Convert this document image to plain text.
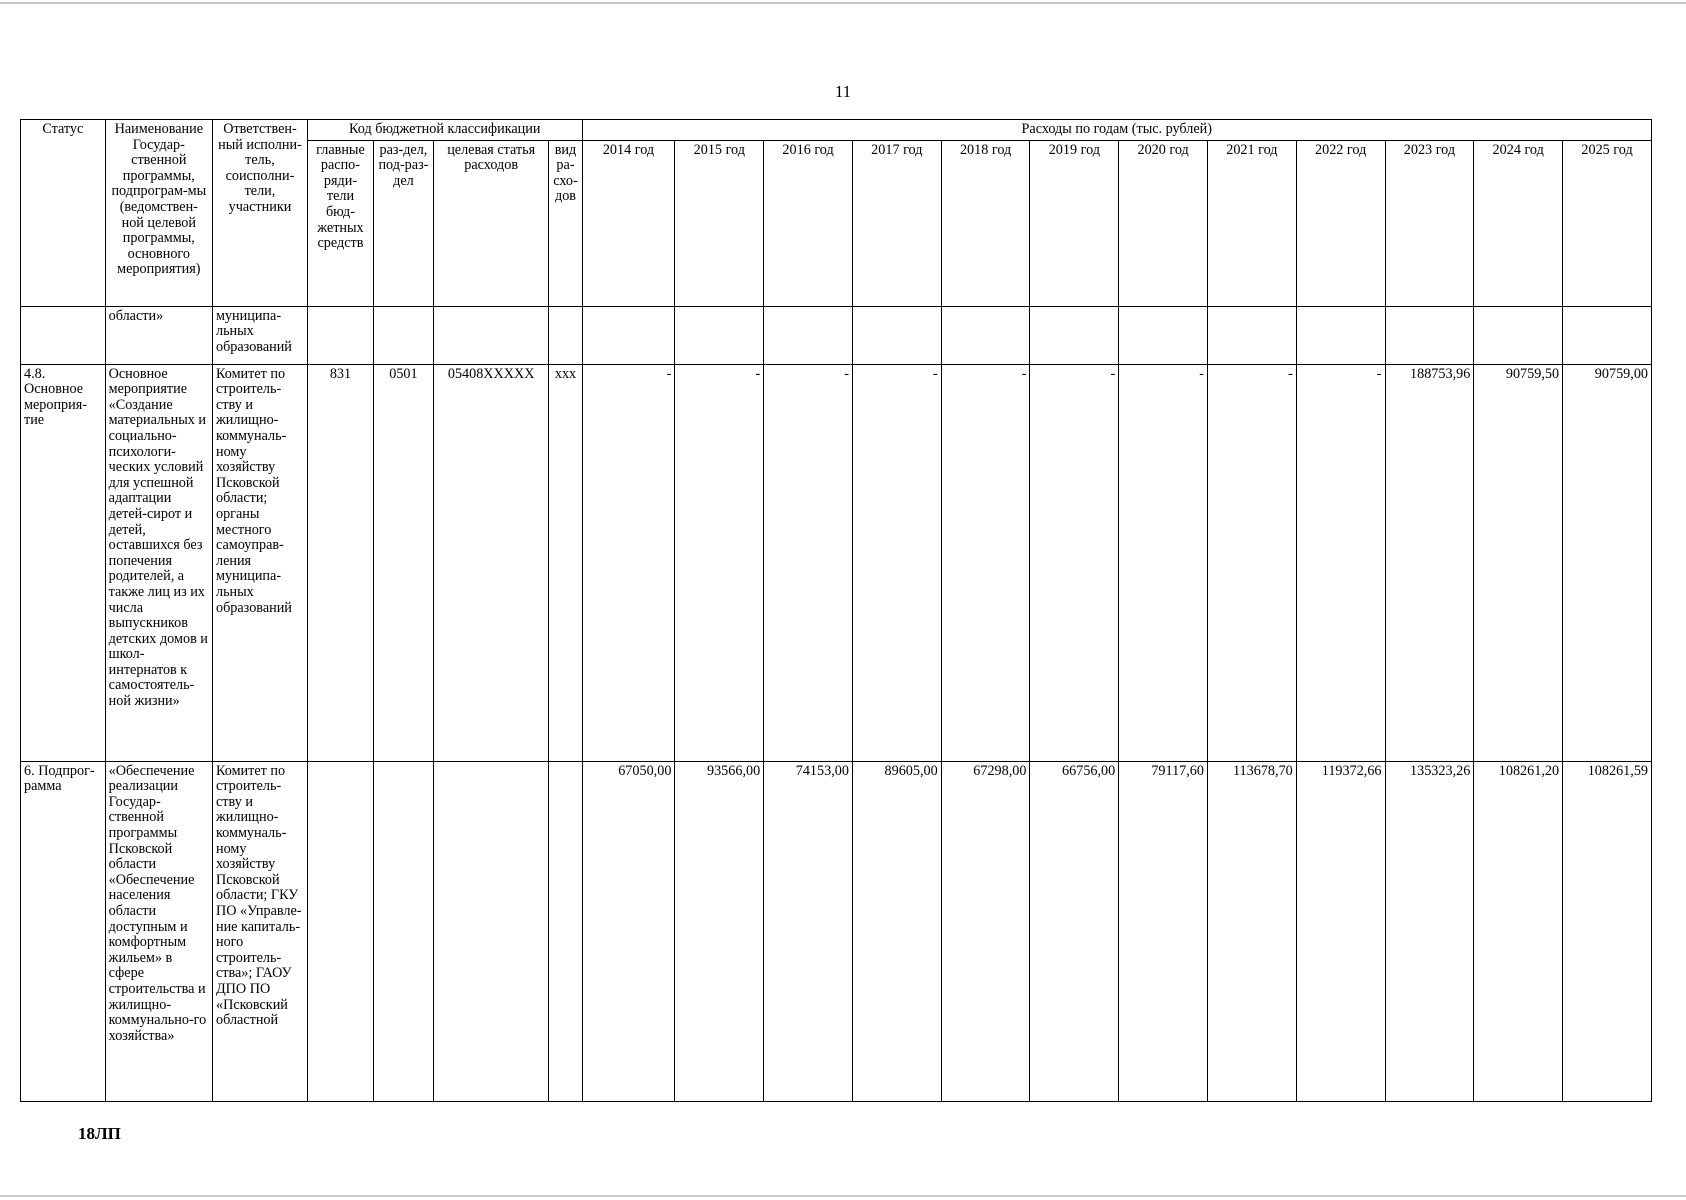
11
Статус	Наименование Государ-ственной программы, подпрограм-мы (ведомствен-ной целевой программы, основного мероприятия)	Ответствен-ный исполни-тель, соисполни-тели, участники	Код бюджетной классификации				Расходы по годам (тыс. рублей)											
			главные распо-ряди-тели бюд-жетных средств	раз-дел, под-раз-дел	целевая статья расходов	вид ра-схо-дов	2014 год	2015 год	2016 год	2017 год	2018 год	2019 год	2020 год	2021 год	2022 год	2023 год	2024 год	2025 год
	области»	муниципа-льных образований																
4.8. Основное мероприя-тие	Основное мероприятие «Создание материальных и социально-психологи-ческих условий для успешной адаптации детей-сирот и детей, оставшихся без попечения родителей, а также лиц из их числа выпускников детских домов и школ-интернатов к самостоятель-ной жизни»	Комитет по строитель-ству и жилищно-коммуналь-ному хозяйству Псковской области; органы местного самоуправ-ления муниципа-льных образований	831	0501	05408XXXXX	xxx	-	-	-	-	-	-	-	-	-	188753,96	90759,50	90759,00
6. Подпрог-рамма	«Обеспечение реализации Государ-ственной программы Псковской области «Обеспечение населения области доступным и комфортным жильем» в сфере строительства и жилищно-коммунально-го хозяйства»	Комитет по строитель-ству и жилищно-коммуналь-ному хозяйству Псковской области; ГКУ ПО «Управле-ние капиталь-ного строитель-ства»; ГАОУ ДПО ПО «Псковский областной					67050,00	93566,00	74153,00	89605,00	67298,00	66756,00	79117,60	113678,70	119372,66	135323,26	108261,20	108261,59
18ЛП
